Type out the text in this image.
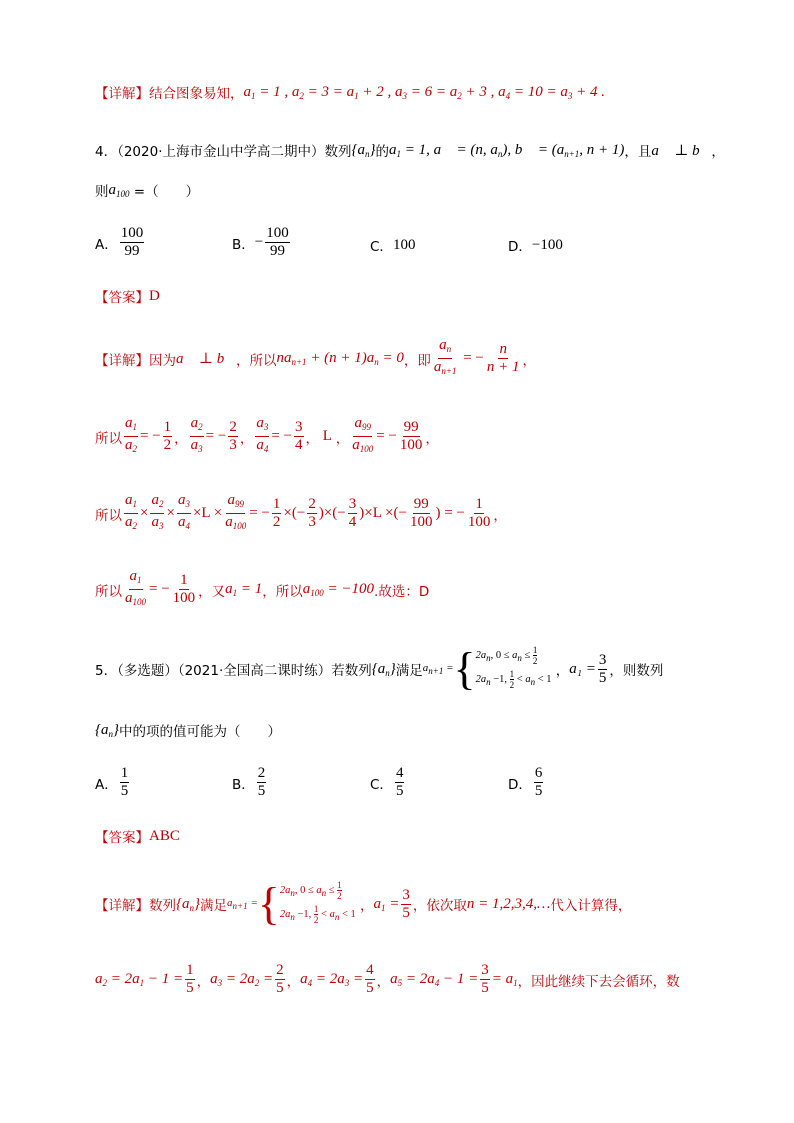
【详解】 结合图象易知， $a_1 = 1$ , $a_2 = 3 = a_1 + 2$ , $a_3 = 6 = a_2 + 3$ , $a_4 = 10 = a_3 + 4$ .
4．（2020·上海市金山中学高二期中）数列 $\{a_n\}$ 的 $a_1 = 1$, a⃗ = (n, $a_n$), b⃗ = ($a_{n+1}$, n + 1) ，且 a⃗ ⊥ b⃗ ，
则 $a_{100}$ =（　　）
A． $\frac{100}{99}$	B． − $\frac{100}{99}$	C． 100	D． −100
【答案】 D
【详解】 因为 a⃗ ⊥ b⃗ ，所以 $na_{n+1} + (n + 1)a_n = 0$ ，即 $\frac{a_n}{a_{n+1}}$ = − $\frac{n}{n + 1}$ ，
所以 $\frac{a_1}{a_2}$ = − $\frac{1}{2}$ ， $\frac{a_2}{a_3}$ = − $\frac{2}{3}$ ， $\frac{a_3}{a_4}$ = − $\frac{3}{4}$ ， L ， $\frac{a_{99}}{a_{100}}$ = − $\frac{99}{100}$ ，
所以 $\frac{a_1}{a_2} \times \frac{a_2}{a_3} \times \frac{a_3}{a_4} \times L \times \frac{a_{99}}{a_{100}}$ = − $\frac{1}{2}$ ×(− $\frac{2}{3}$ )×(− $\frac{3}{4} )\times L$ ×(− $\frac{99}{100}$ ) = − $\frac{1}{100}$ ，
所以 $\frac{a_1}{a_{100}}$ = − $\frac{1}{100}$ ，又 $a_1 = 1$ ，所以 $a_{100} = -100$ .故选：D
5．（多选题）（2021·全国高二课时练）若数列 $\{a_n\}$ 满足 $a_{n+1}$ = { $2a_n$, $0 \le a_n \le \frac{1}{2}$
$2a_n -1$, $\frac{1}{2} < a_n < 1$
， $a_1 = \frac{3}{5}$ ，则数列
$\{a_n\}$ 中的项的值可能为（　　）
A． $\frac{1}{5}$	B． $\frac{2}{5}$	C． $\frac{4}{5}$	D． $\frac{6}{5}$
【答案】 ABC
【详解】 数列 $\{a_n\}$ 满足 $a_{n+1}$ = { $2a_n$, $0 \le a_n \le \frac{1}{2}$
$2a_n -1$, $\frac{1}{2} < a_n < 1$
， $a_1 = \frac{3}{5}$ ， 依次取 n = 1,2,3,4,… 代入计算得，
$a_2 = 2a_1 - 1 = \frac{1}{5}$ ， $a_3 = 2a_2 = \frac{2}{5}$ ， $a_4 = 2a_3 = \frac{4}{5}$ ， $a_5 = 2a_4 - 1 = \frac{3}{5} = a_1$ ，因此继续下去会循环，数
